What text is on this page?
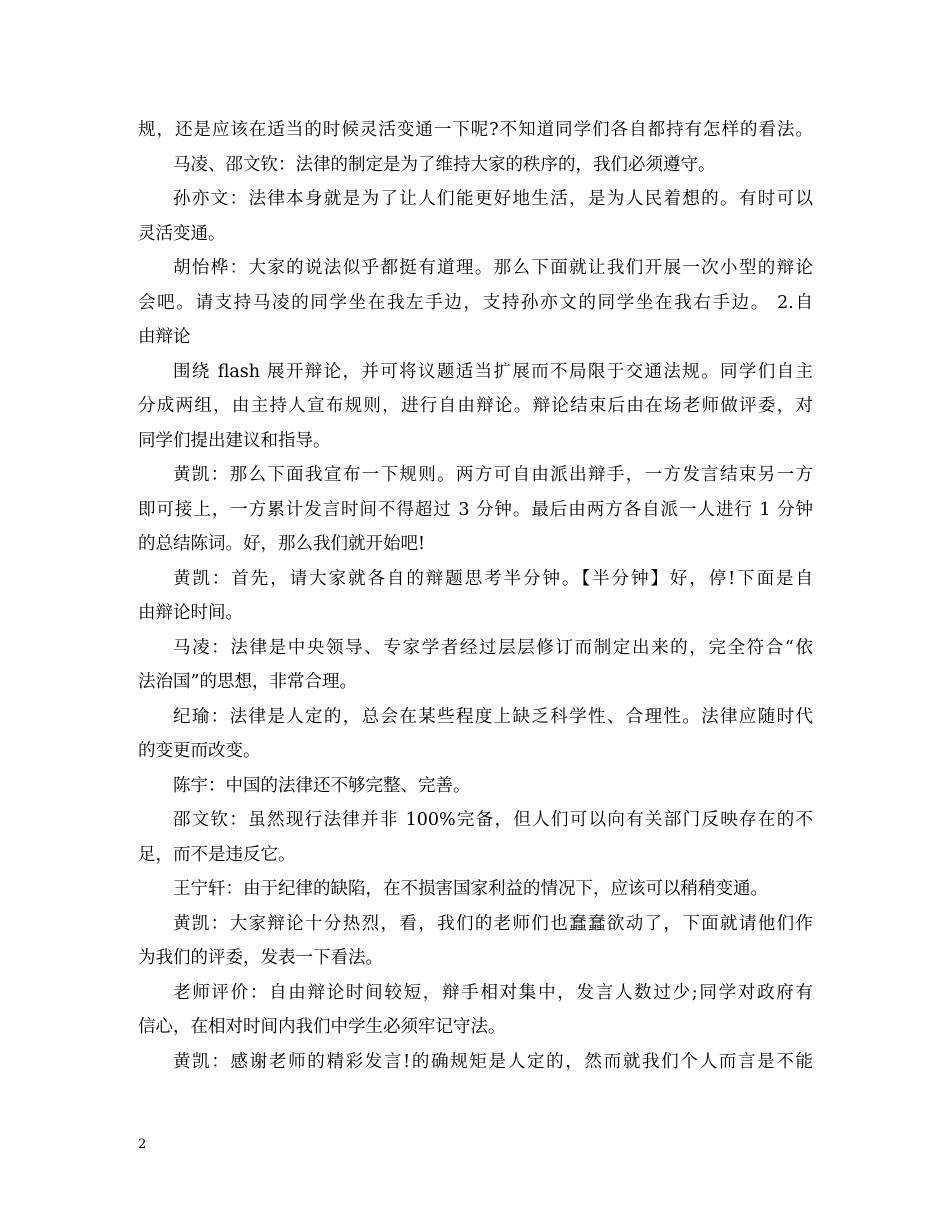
规，还是应该在适当的时候灵活变通一下呢?不知道同学们各自都持有怎样的看法。
马凌、邵文钦：法律的制定是为了维持大家的秩序的，我们必须遵守。
孙亦文：法律本身就是为了让人们能更好地生活，是为人民着想的。有时可以
灵活变通。
胡怡桦：大家的说法似乎都挺有道理。那么下面就让我们开展一次小型的辩论
会吧。请支持马凌的同学坐在我左手边，支持孙亦文的同学坐在我右手边。 2.自
由辩论
围绕 flash 展开辩论，并可将议题适当扩展而不局限于交通法规。同学们自主
分成两组，由主持人宣布规则，进行自由辩论。辩论结束后由在场老师做评委，对
同学们提出建议和指导。
黄凯：那么下面我宣布一下规则。两方可自由派出辩手，一方发言结束另一方
即可接上，一方累计发言时间不得超过 3 分钟。最后由两方各自派一人进行 1 分钟
的总结陈词。好，那么我们就开始吧!
黄凯：首先，请大家就各自的辩题思考半分钟。【半分钟】好，停!下面是自
由辩论时间。
马凌：法律是中央领导、专家学者经过层层修订而制定出来的，完全符合“依
法治国”的思想，非常合理。
纪瑜：法律是人定的，总会在某些程度上缺乏科学性、合理性。法律应随时代
的变更而改变。
陈宇：中国的法律还不够完整、完善。
邵文钦：虽然现行法律并非 100%完备，但人们可以向有关部门反映存在的不
足，而不是违反它。
王宁轩：由于纪律的缺陷，在不损害国家利益的情况下，应该可以稍稍变通。
黄凯：大家辩论十分热烈，看，我们的老师们也蠢蠢欲动了，下面就请他们作
为我们的评委，发表一下看法。
老师评价：自由辩论时间较短，辩手相对集中，发言人数过少;同学对政府有
信心，在相对时间内我们中学生必须牢记守法。
黄凯：感谢老师的精彩发言!的确规矩是人定的，然而就我们个人而言是不能
2
